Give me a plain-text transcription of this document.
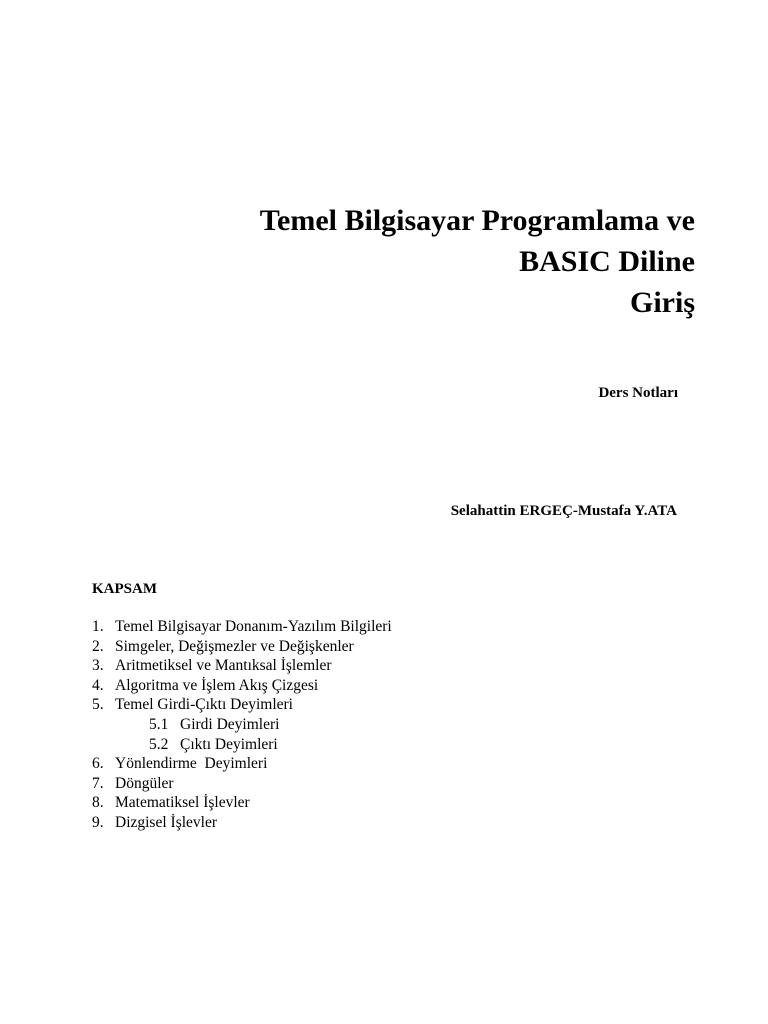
Temel Bilgisayar Programlama ve
BASIC Diline
Giriş
Ders Notları
Selahattin ERGEÇ-Mustafa Y.ATA
KAPSAM
1. Temel Bilgisayar Donanım-Yazılım Bilgileri
2. Simgeler, Değişmezler ve Değişkenler
3. Aritmetiksel ve Mantıksal İşlemler
4. Algoritma ve İşlem Akış Çizgesi
5. Temel Girdi-Çıktı Deyimleri
5.1 Girdi Deyimleri
5.2 Çıktı Deyimleri
6. Yönlendirme  Deyimleri
7. Döngüler
8. Matematiksel İşlevler
9. Dizgisel İşlevler
